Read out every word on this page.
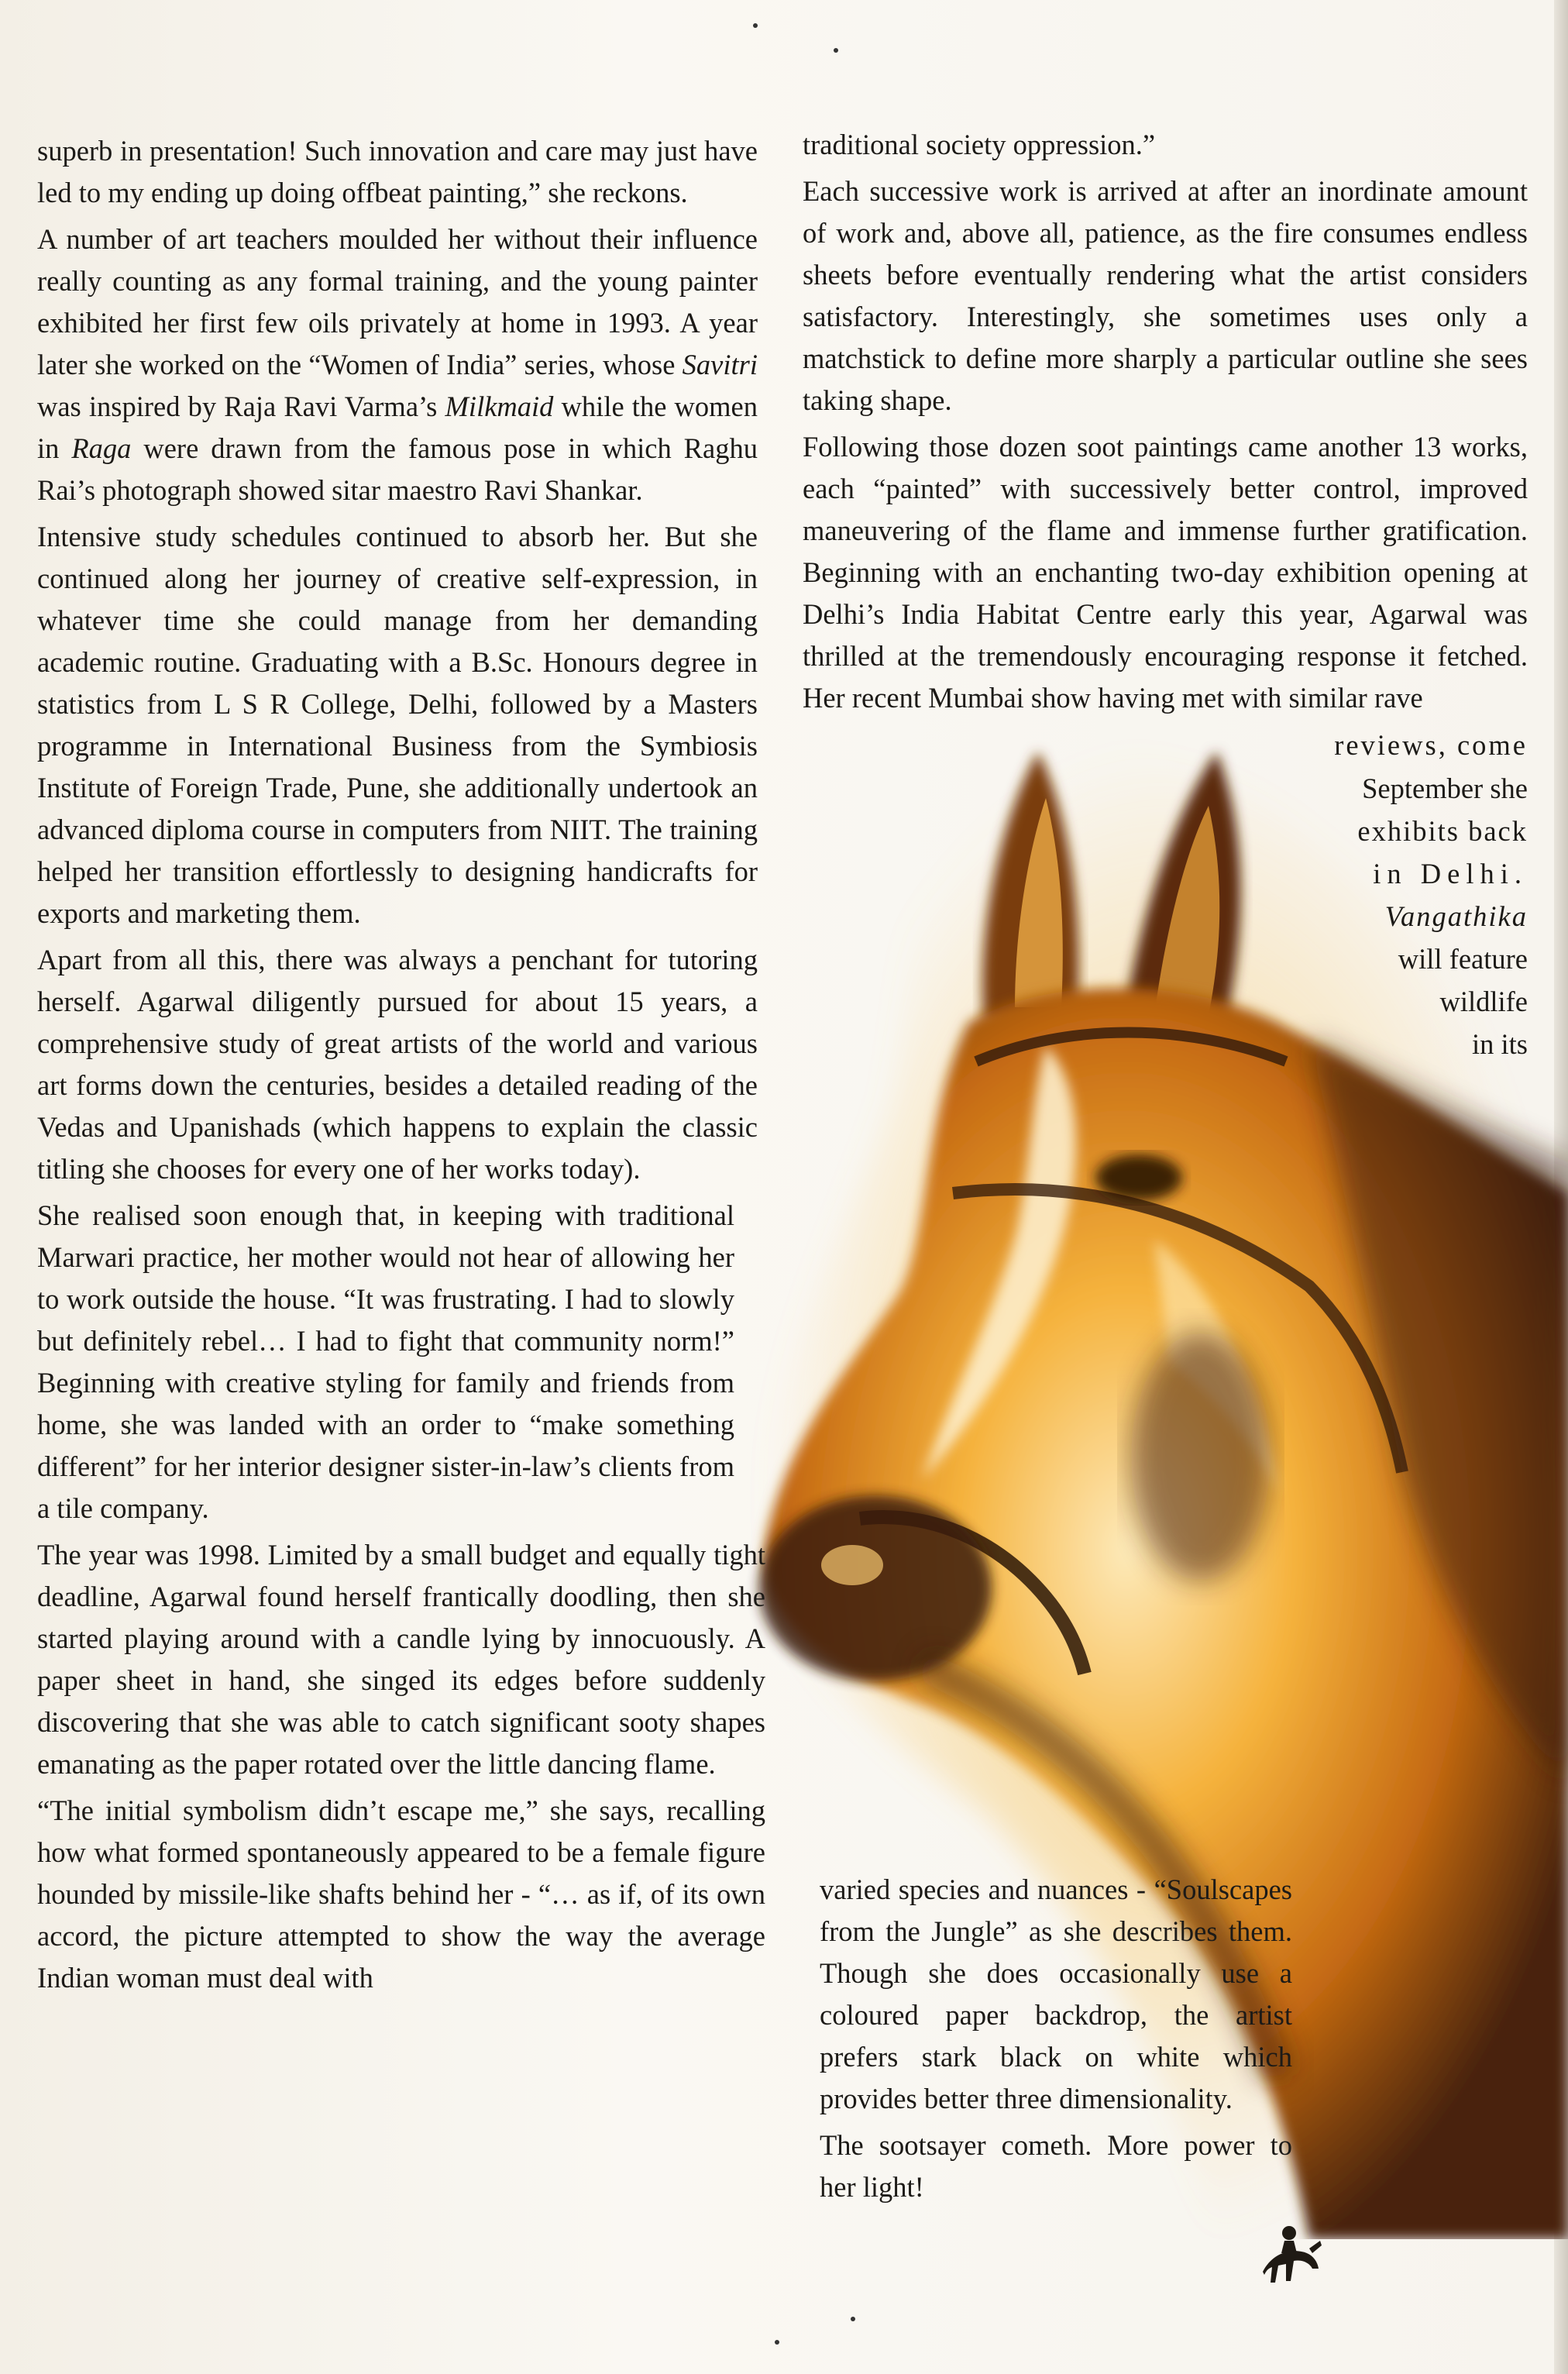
superb in presentation! Such innovation and care may just have led to my ending up doing offbeat painting,” she reckons.

A number of art teachers moulded her without their influence really counting as any formal training, and the young painter exhibited her first few oils privately at home in 1993. A year later she worked on the “Women of India” series, whose Savitri was inspired by Raja Ravi Varma’s Milkmaid while the women in Raga were drawn from the famous pose in which Raghu Rai’s photograph showed sitar maestro Ravi Shankar.

Intensive study schedules continued to absorb her. But she continued along her journey of creative self-expression, in whatever time she could manage from her demanding academic routine. Graduating with a B.Sc. Honours degree in statistics from L S R College, Delhi, followed by a Masters programme in International Business from the Symbiosis Institute of Foreign Trade, Pune, she additionally undertook an advanced diploma course in computers from NIIT. The training helped her transition effortlessly to designing handicrafts for exports and marketing them.

Apart from all this, there was always a penchant for tutoring herself. Agarwal diligently pursued for about 15 years, a comprehensive study of great artists of the world and various art forms down the centuries, besides a detailed reading of the Vedas and Upanishads (which happens to explain the classic titling she chooses for every one of her works today).

She realised soon enough that, in keeping with traditional Marwari practice, her mother would not hear of allowing her to work outside the house. “It was frustrating. I had to slowly but definitely rebel… I had to fight that community norm!” Beginning with creative styling for family and friends from home, she was landed with an order to “make something different” for her interior designer sister-in-law’s clients from a tile company.

The year was 1998. Limited by a small budget and equally tight deadline, Agarwal found herself frantically doodling, then she started playing around with a candle lying by innocuously. A paper sheet in hand, she singed its edges before suddenly discovering that she was able to catch significant sooty shapes emanating as the paper rotated over the little dancing flame.

“The initial symbolism didn’t escape me,” she says, recalling how what formed spontaneously appeared to be a female figure hounded by missile-like shafts behind her - “… as if, of its own accord, the picture attempted to show the way the average Indian woman must deal with

traditional society oppression.”

Each successive work is arrived at after an inordinate amount of work and, above all, patience, as the fire consumes endless sheets before eventually rendering what the artist considers satisfactory. Interestingly, she sometimes uses only a matchstick to define more sharply a particular outline she sees taking shape.

Following those dozen soot paintings came another 13 works, each “painted” with successively better control, improved maneuvering of the flame and immense further gratification. Beginning with an enchanting two-day exhibition opening at Delhi’s India Habitat Centre early this year, Agarwal was thrilled at the tremendously encouraging response it fetched. Her recent Mumbai show having met with similar rave

reviews, come
September she
exhibits back
in Delhi.
Vangathika
will feature
wildlife
in its

varied species and nuances - “Soulscapes from the Jungle” as she describes them. Though she does occasionally use a coloured paper backdrop, the artist prefers stark black on white which provides better three dimensionality.

The sootsayer cometh. More power to her light!
